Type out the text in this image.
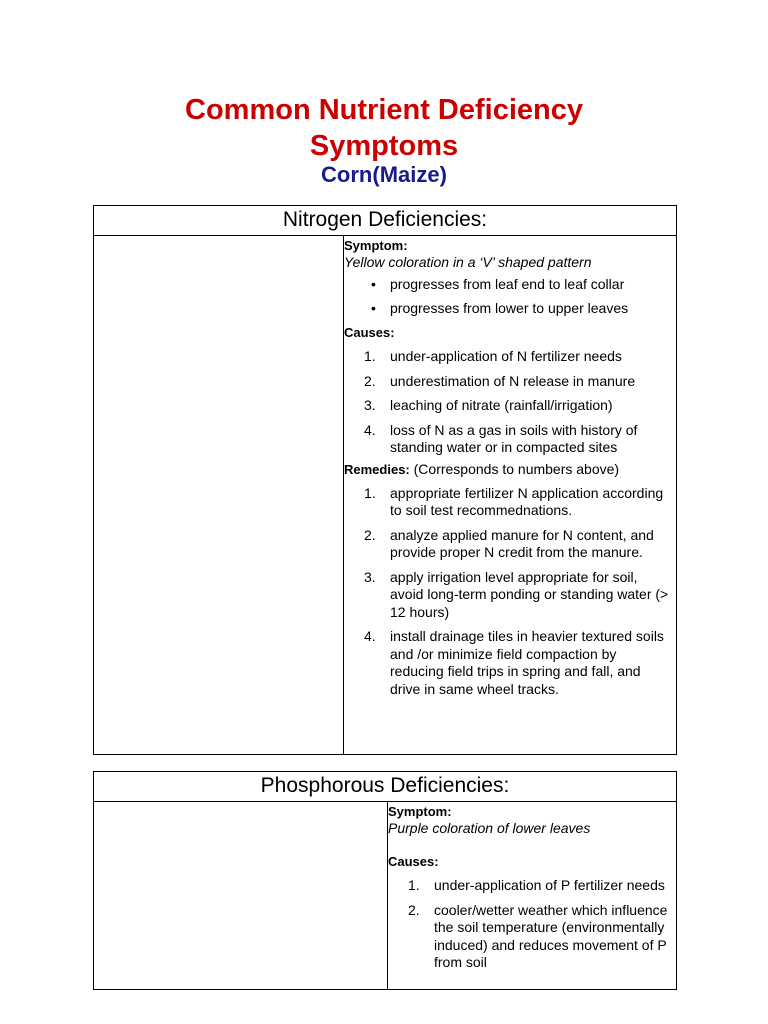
Common Nutrient Deficiency
Symptoms
Corn(Maize)
Nitrogen Deficiencies:
Symptom:
Yellow coloration in a ‘V’ shaped pattern
• progresses from leaf end to leaf collar
• progresses from lower to upper leaves
Causes:
1. under-application of N fertilizer needs
2. underestimation of N release in manure
3. leaching of nitrate (rainfall/irrigation)
4. loss of N as a gas in soils with history of standing water or in compacted sites
Remedies: (Corresponds to numbers above)
1. appropriate fertilizer N application according to soil test recommednations.
2. analyze applied manure for N content, and provide proper N credit from the manure.
3. apply irrigation level appropriate for soil, avoid long-term ponding or standing water (> 12 hours)
4. install drainage tiles in heavier textured soils and /or minimize field compaction by reducing field trips in spring and fall, and drive in same wheel tracks.
Phosphorous Deficiencies:
Symptom:
Purple coloration of lower leaves
Causes:
1. under-application of P fertilizer needs
2. cooler/wetter weather which influence the soil temperature (environmentally induced) and reduces movement of P from soil
